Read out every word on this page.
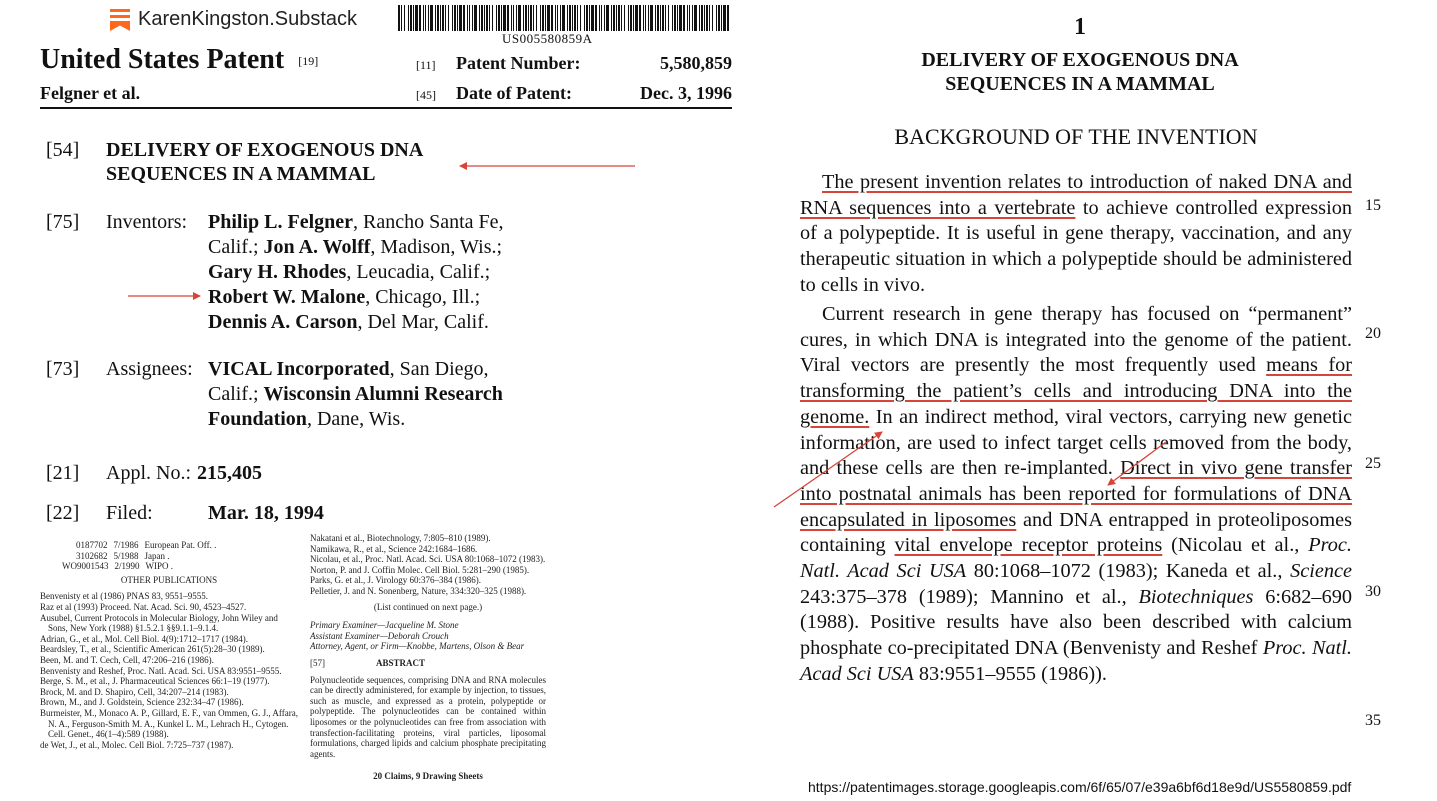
KarenKingston.Substack
US005580859A
United States Patent [19]
Felgner et al.
[11]	Patent Number:	5,580,859
[45]	Date of Patent:	Dec. 3, 1996
[54]	DELIVERY OF EXOGENOUS DNA
SEQUENCES IN A MAMMAL
[75]	Inventors:	Philip L. Felgner, Rancho Santa Fe,
Calif.; Jon A. Wolff, Madison, Wis.;
Gary H. Rhodes, Leucadia, Calif.;
Robert W. Malone, Chicago, Ill.;
Dennis A. Carson, Del Mar, Calif.
[73]	Assignees: VICAL Incorporated, San Diego,
Calif.; Wisconsin Alumni Research
Foundation, Dane, Wis.
[21]	Appl. No.: 215,405
[22]	Filed:	Mar. 18, 1994
0187702 7/1986 European Pat. Off. .
3102682 5/1988 Japan .
WO9001543 2/1990 WIPO .
OTHER PUBLICATIONS
Benvenisty et al (1986) PNAS 83, 9551–9555.
Raz et al (1993) Proceed. Nat. Acad. Sci. 90, 4523–4527.
Ausubel, Current Protocols in Molecular Biology, John Wiley and Sons, New York (1988) §1.5.2.1 §§9.1.1–9.1.4.
Adrian, G., et al., Mol. Cell Biol. 4(9):1712–1717 (1984).
Beardsley, T., et al., Scientific American 261(5):28–30 (1989).
Been, M. and T. Cech, Cell, 47:206–216 (1986).
Benvenisty and Reshef, Proc. Natl. Acad. Sci. USA 83:9551–9555.
Berge, S. M., et al., J. Pharmaceutical Sciences 66:1–19 (1977).
Brock, M. and D. Shapiro, Cell, 34:207–214 (1983).
Brown, M., and J. Goldstein, Science 232:34–47 (1986).
Burmeister, M., Monaco A. P., Gillard, E. F., van Ommen, G. J., Affara, N. A., Ferguson-Smith M. A., Kunkel L. M., Lehrach H., Cytogen. Cell. Genet., 46(1–4):589 (1988).
de Wet, J., et al., Molec. Cell Biol. 7:725–737 (1987).
Nakatani et al., Biotechnology, 7:805–810 (1989).
Namikawa, R., et al., Science 242:1684–1686.
Nicolau, et al., Proc. Natl. Acad. Sci. USA 80:1068–1072 (1983).
Norton, P. and J. Coffin Molec. Cell Biol. 5:281–290 (1985).
Parks, G. et al., J. Virology 60:376–384 (1986).
Pelletier, J. and N. Sonenberg, Nature, 334:320–325 (1988).
(List continued on next page.)
Primary Examiner—Jacqueline M. Stone
Assistant Examiner—Deborah Crouch
Attorney, Agent, or Firm—Knobbe, Martens, Olson & Bear
[57]	ABSTRACT
Polynucleotide sequences, comprising DNA and RNA molecules can be directly administered, for example by injection, to tissues, such as muscle, and expressed as a protein, polypeptide or polypeptide. The polynucleotides can be contained within liposomes or the polynucleotides can free from association with transfection-facilitating proteins, viral particles, liposomal formulations, charged lipids and calcium phosphate precipitating agents.
20 Claims, 9 Drawing Sheets
1
DELIVERY OF EXOGENOUS DNA
SEQUENCES IN A MAMMAL
BACKGROUND OF THE INVENTION
The present invention relates to introduction of naked DNA and RNA sequences into a vertebrate to achieve controlled expression of a polypeptide. It is useful in gene therapy, vaccination, and any therapeutic situation in which a polypeptide should be administered to cells in vivo.
Current research in gene therapy has focused on “permanent” cures, in which DNA is integrated into the genome of the patient. Viral vectors are presently the most frequently used means for transforming the patient’s cells and introducing DNA into the genome. In an indirect method, viral vectors, carrying new genetic information, are used to infect target cells removed from the body, and these cells are then re-implanted. Direct in vivo gene transfer into postnatal animals has been reported for formulations of DNA encapsulated in liposomes and DNA entrapped in proteoliposomes containing vital envelope receptor proteins (Nicolau et al., Proc. Natl. Acad Sci USA 80:1068–1072 (1983); Kaneda et al., Science 243:375–378 (1989); Mannino et al., Biotechniques 6:682–690 (1988). Positive results have also been described with calcium phosphate co-precipitated DNA (Benvenisty and Reshef Proc. Natl. Acad Sci USA 83:9551–9555 (1986)).
15
20
25
30
35
https://patentimages.storage.googleapis.com/6f/65/07/e39a6bf6d18e9d/US5580859.pdf
